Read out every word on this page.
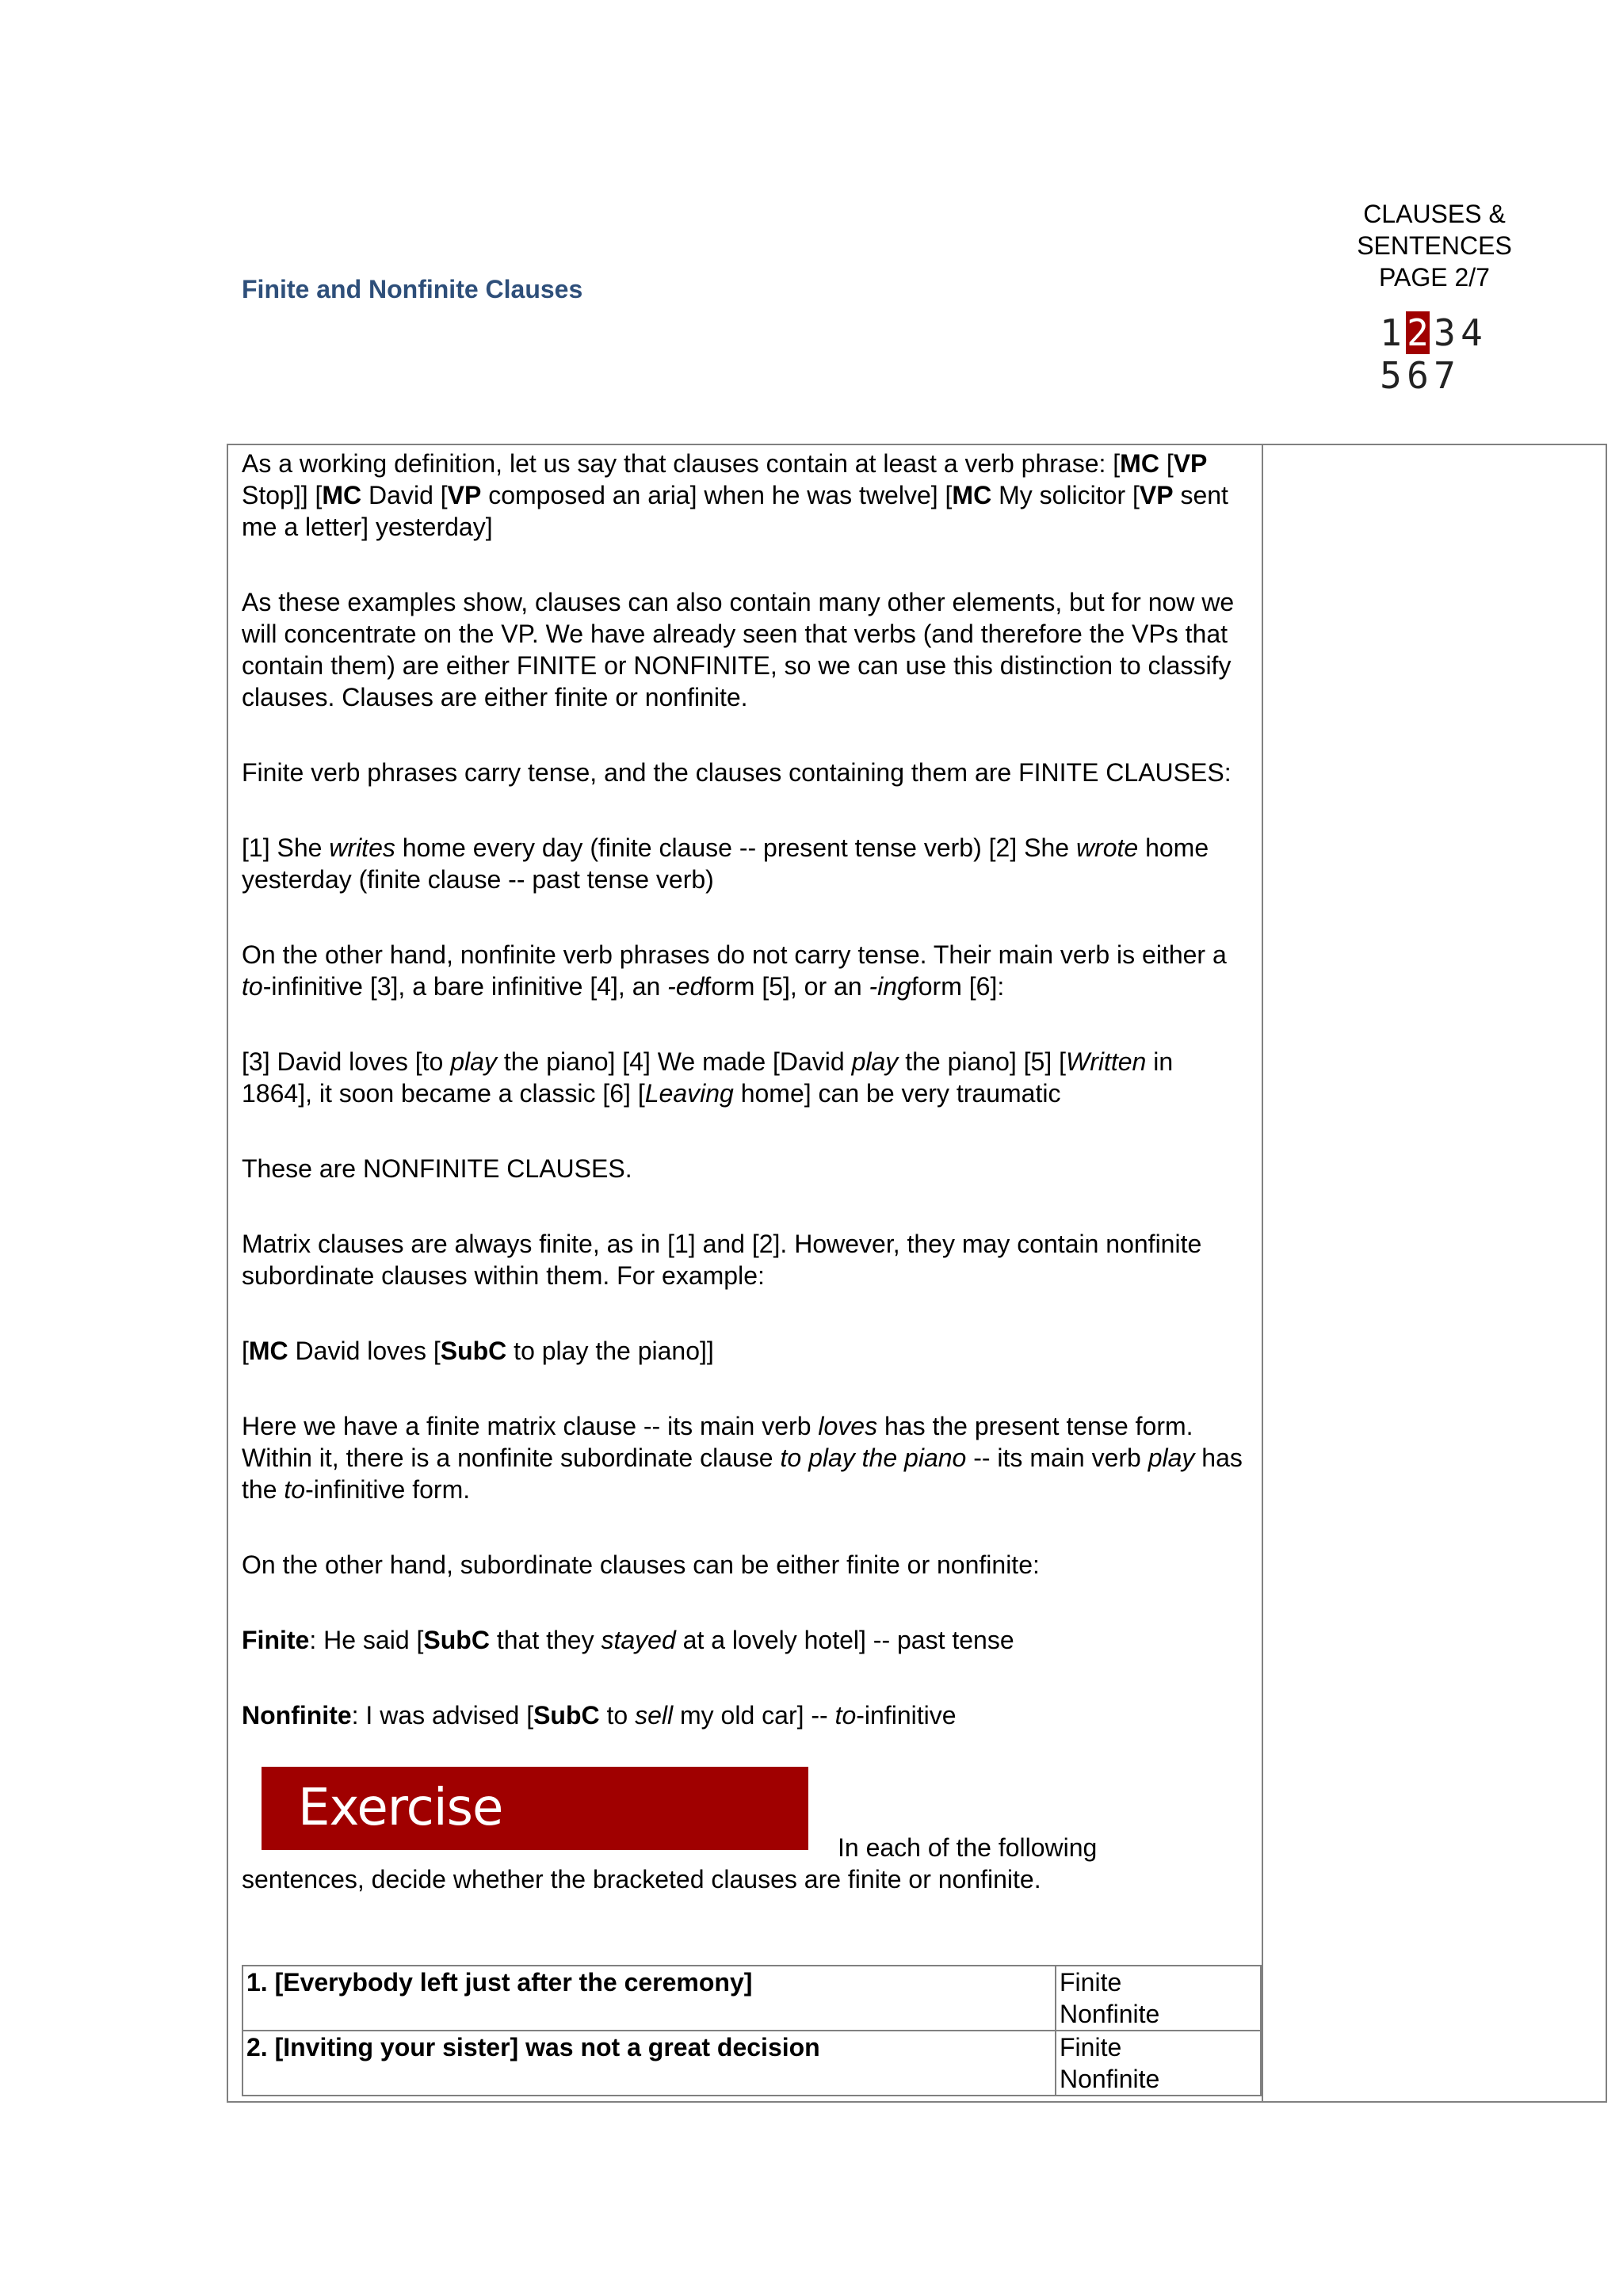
Finite and Nonfinite Clauses
CLAUSES &
SENTENCES
PAGE 2/7
1 2 3 4
5 6 7

As a working definition, let us say that clauses contain at least a verb phrase: [MC [VP Stop]] [MC David [VP composed an aria] when he was twelve] [MC My solicitor [VP sent me a letter] yesterday]

As these examples show, clauses can also contain many other elements, but for now we will concentrate on the VP. We have already seen that verbs (and therefore the VPs that contain them) are either FINITE or NONFINITE, so we can use this distinction to classify clauses. Clauses are either finite or nonfinite.

Finite verb phrases carry tense, and the clauses containing them are FINITE CLAUSES:

[1] She writes home every day (finite clause -- present tense verb) [2] She wrote home yesterday (finite clause -- past tense verb)

On the other hand, nonfinite verb phrases do not carry tense. Their main verb is either a to-infinitive [3], a bare infinitive [4], an -edform [5], or an -ingform [6]:

[3] David loves [to play the piano] [4] We made [David play the piano] [5] [Written in 1864], it soon became a classic [6] [Leaving home] can be very traumatic

These are NONFINITE CLAUSES.

Matrix clauses are always finite, as in [1] and [2]. However, they may contain nonfinite subordinate clauses within them. For example:

[MC David loves [SubC to play the piano]]

Here we have a finite matrix clause -- its main verb loves has the present tense form. Within it, there is a nonfinite subordinate clause to play the piano -- its main verb play has the to-infinitive form.

On the other hand, subordinate clauses can be either finite or nonfinite:

Finite: He said [SubC that they stayed at a lovely hotel] -- past tense

Nonfinite: I was advised [SubC to sell my old car] -- to-infinitive

Exercise
In each of the following
sentences, decide whether the bracketed clauses are finite or nonfinite.
1. [Everybody left just after the ceremony]	Finite
Nonfinite

2. [Inviting your sister] was not a great decision	Finite
Nonfinite
